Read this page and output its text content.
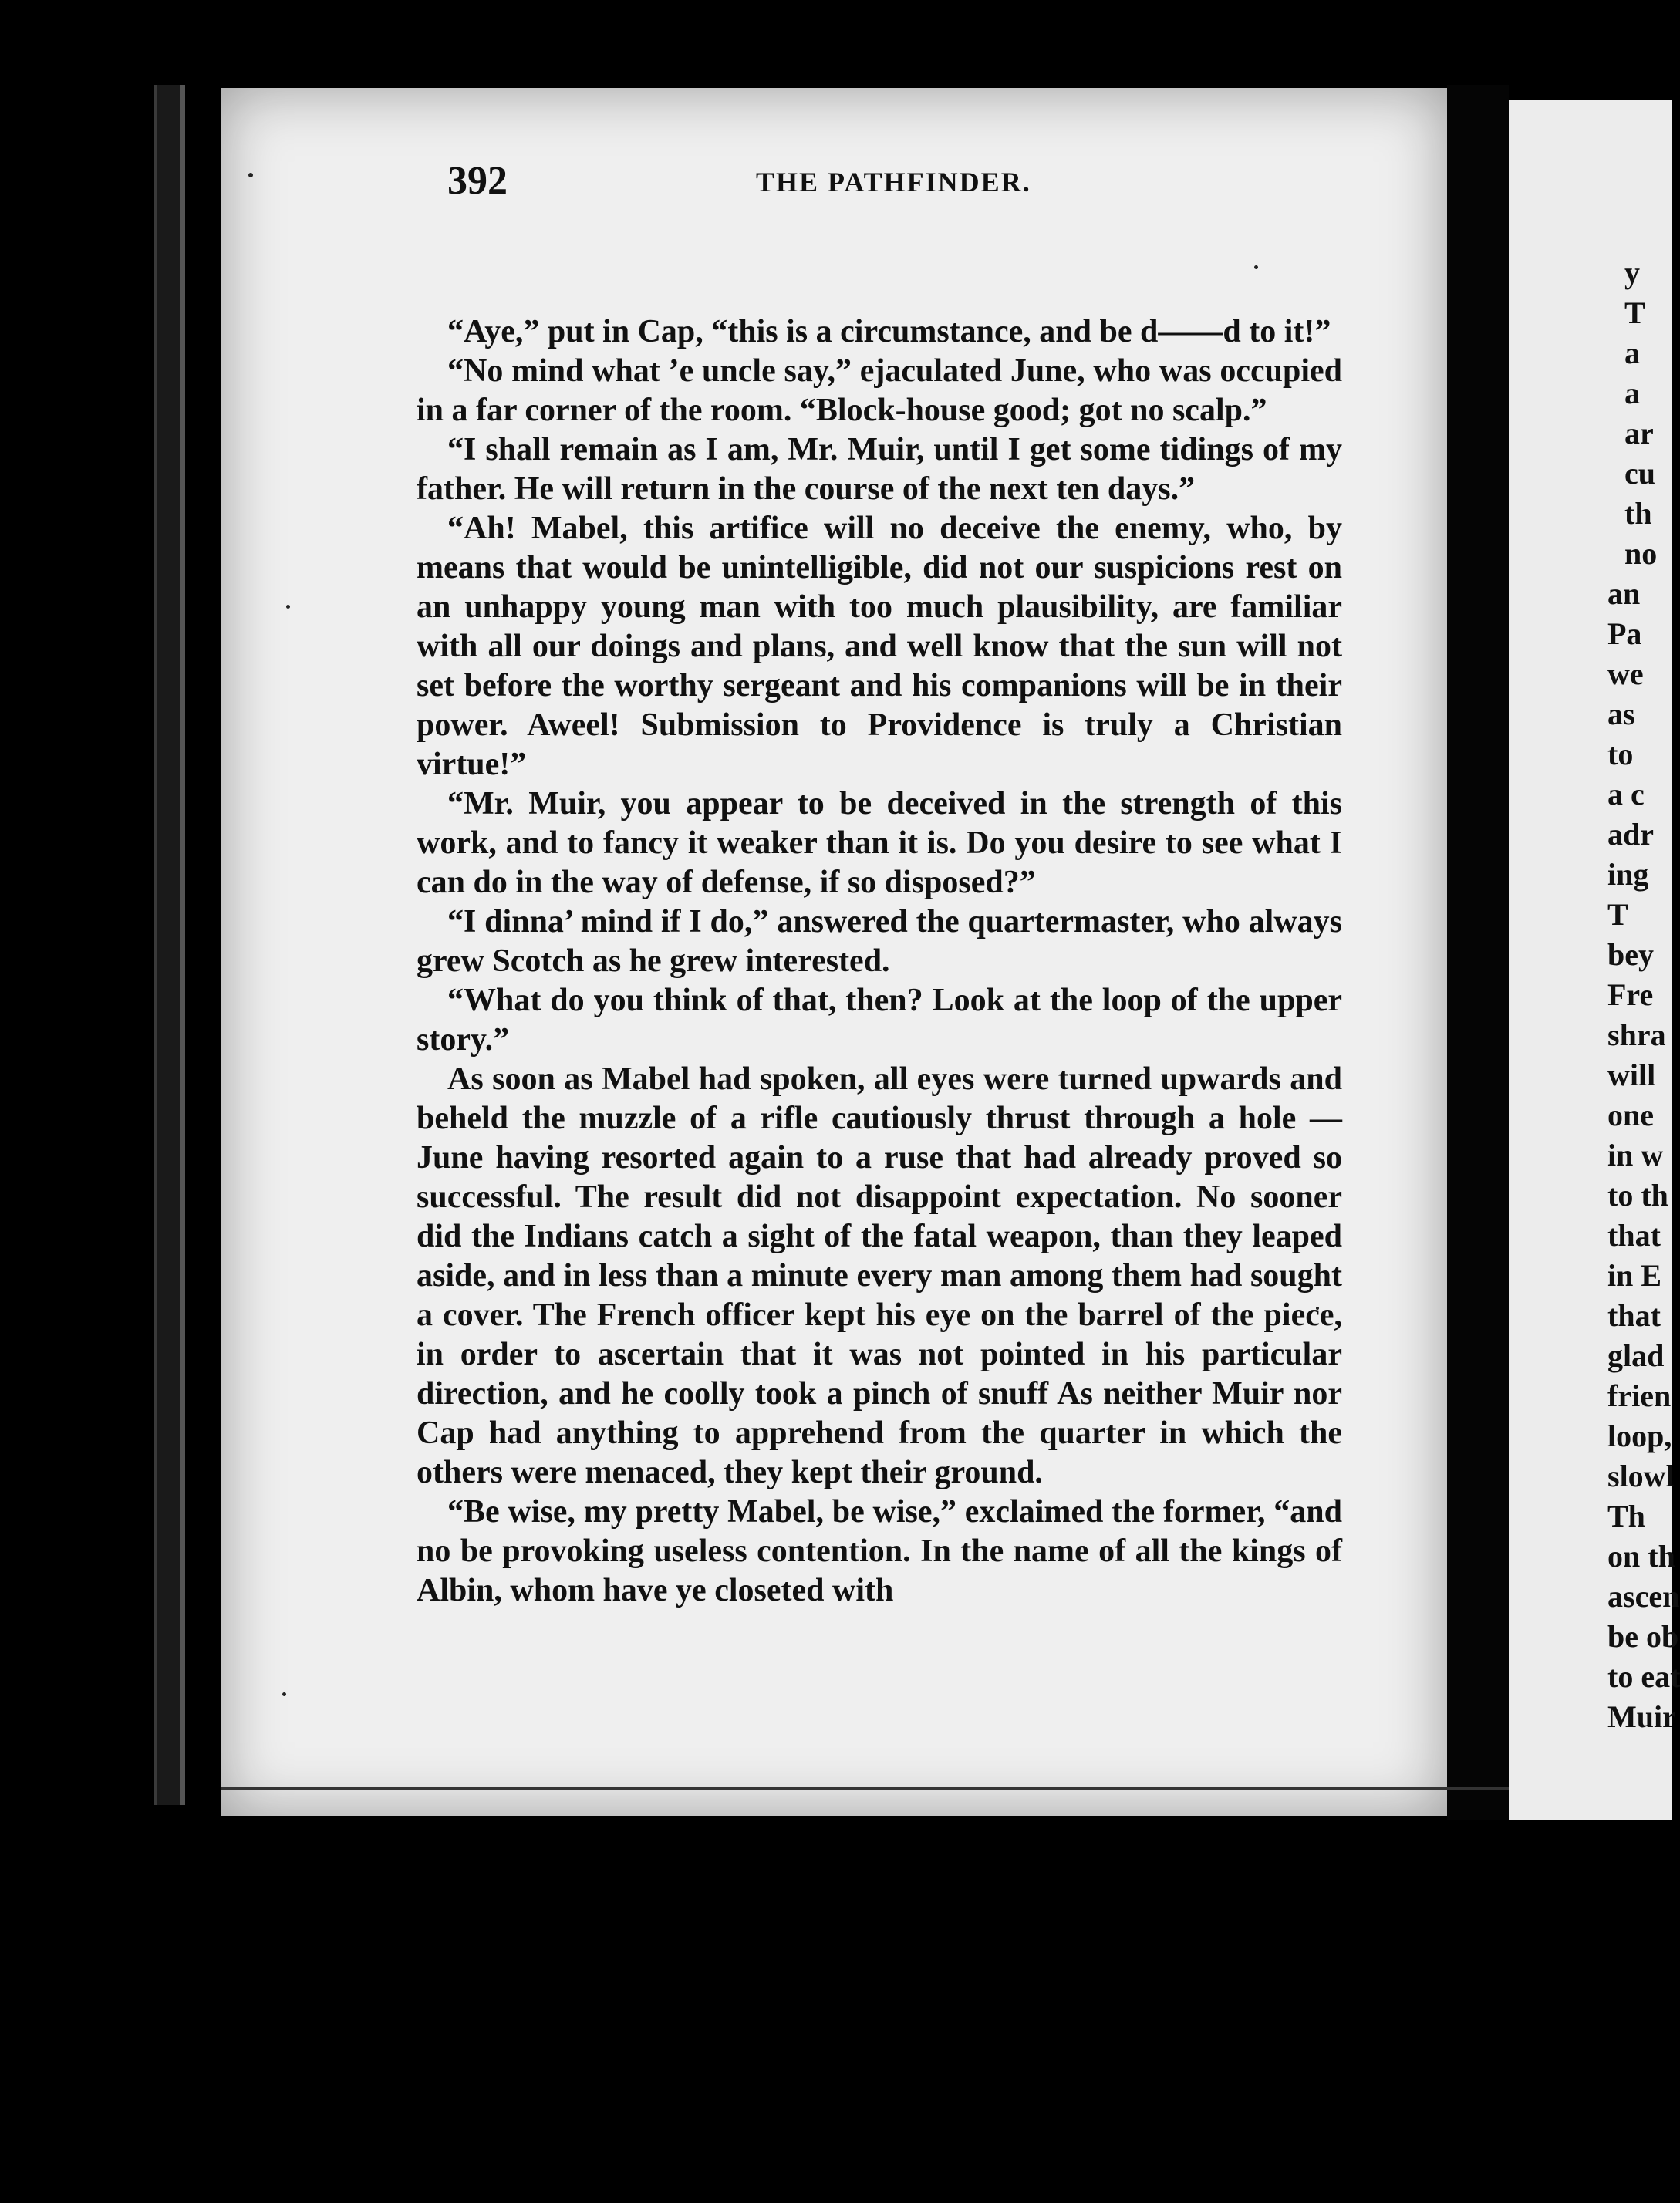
y
T
a
a
ar
cu
th
no
an
Pa
we
as
to
a c
adr
ing
T
bey
Fre
shra
will
one
in w
to th
that
in E
that
glad
frien
loop,
slowl
Th
on th
ascen
be ob
to eat
Muir
392	THE PATHFINDER.

“Aye,” put in Cap, “this is a circumstance, and be d——d to it!”

“No mind what ’e uncle say,” ejaculated June, who was occupied in a far corner of the room. “Block-house good; got no scalp.”

“I shall remain as I am, Mr. Muir, until I get some tidings of my father. He will return in the course of the next ten days.”

“Ah! Mabel, this artifice will no deceive the enemy, who, by means that would be unintelligible, did not our suspicions rest on an unhappy young man with too much plausibility, are familiar with all our doings and plans, and well know that the sun will not set before the worthy sergeant and his companions will be in their power. Aweel! Submission to Providence is truly a Christian virtue!”

“Mr. Muir, you appear to be deceived in the strength of this work, and to fancy it weaker than it is. Do you desire to see what I can do in the way of defense, if so disposed?”

“I dinna’ mind if I do,” answered the quartermaster, who always grew Scotch as he grew interested.

“What do you think of that, then? Look at the loop of the upper story.”

As soon as Mabel had spoken, all eyes were turned upwards and beheld the muzzle of a rifle cautiously thrust through a hole — June having resorted again to a ruse that had already proved so successful. The result did not disappoint expectation. No sooner did the Indians catch a sight of the fatal weapon, than they leaped aside, and in less than a minute every man among them had sought a cover. The French officer kept his eye on the barrel of the piece, in order to ascertain that it was not pointed in his particular direction, and he coolly took a pinch of snuff As neither Muir nor Cap had anything to apprehend from the quarter in which the others were menaced, they kept their ground.

“Be wise, my pretty Mabel, be wise,” exclaimed the former, “and no be provoking useless contention. In the name of all the kings of Albin, whom have ye closeted with
